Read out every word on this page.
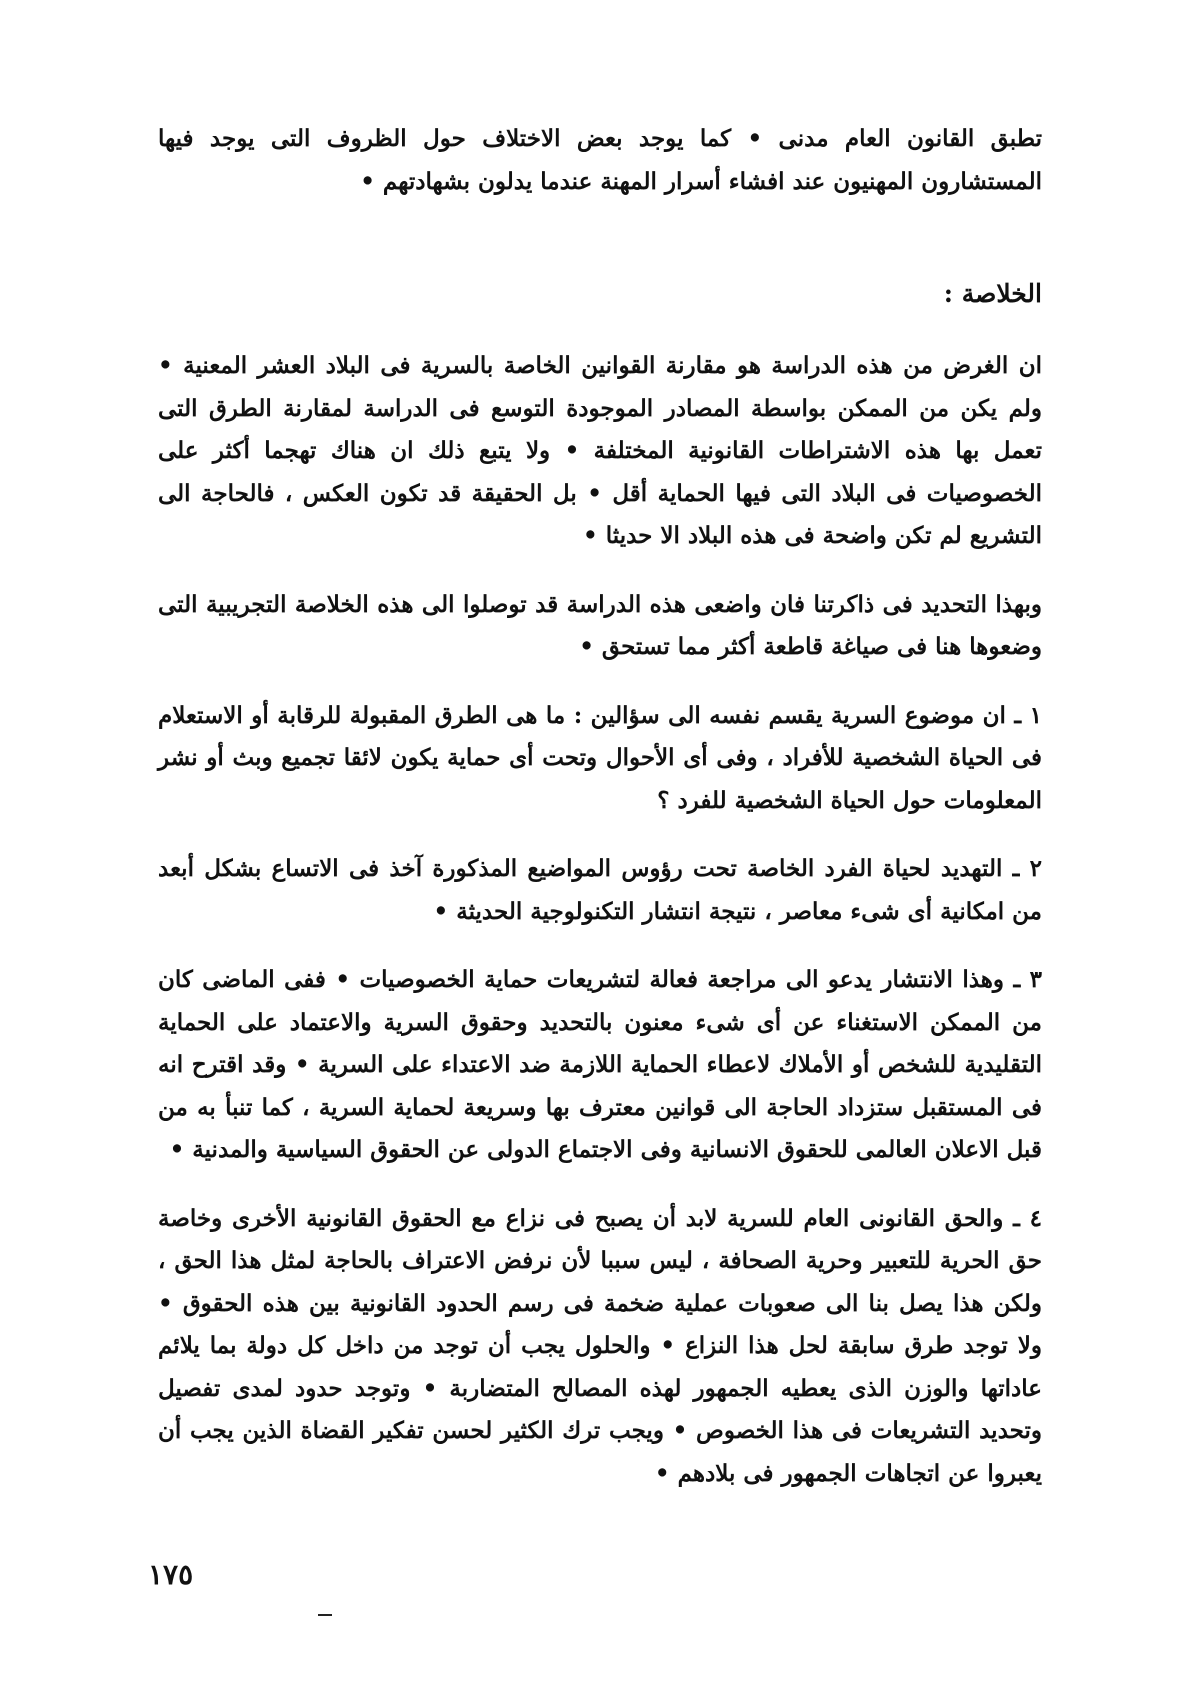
تطبق القانون العام مدنى • كما يوجد بعض الاختلاف حول الظروف التى يوجد فيها المستشارون المهنيون عند افشاء أسرار المهنة عندما يدلون بشهادتهم •

الخلاصة :

ان الغرض من هذه الدراسة هو مقارنة القوانين الخاصة بالسرية فى البلاد العشر المعنية • ولم يكن من الممكن بواسطة المصادر الموجودة التوسع فى الدراسة لمقارنة الطرق التى تعمل بها هذه الاشتراطات القانونية المختلفة • ولا يتبع ذلك ان هناك تهجما أكثر على الخصوصيات فى البلاد التى فيها الحماية أقل • بل الحقيقة قد تكون العكس ، فالحاجة الى التشريع لم تكن واضحة فى هذه البلاد الا حديثا •

وبهذا التحديد فى ذاكرتنا فان واضعى هذه الدراسة قد توصلوا الى هذه الخلاصة التجريبية التى وضعوها هنا فى صياغة قاطعة أكثر مما تستحق •

١ ـ ان موضوع السرية يقسم نفسه الى سؤالين : ما هى الطرق المقبولة للرقابة أو الاستعلام فى الحياة الشخصية للأفراد ، وفى أى الأحوال وتحت أى حماية يكون لائقا تجميع وبث أو نشر المعلومات حول الحياة الشخصية للفرد ؟

٢ ـ التهديد لحياة الفرد الخاصة تحت رؤوس المواضيع المذكورة آخذ فى الاتساع بشكل أبعد من امكانية أى شىء معاصر ، نتيجة انتشار التكنولوجية الحديثة •

٣ ـ وهذا الانتشار يدعو الى مراجعة فعالة لتشريعات حماية الخصوصيات • ففى الماضى كان من الممكن الاستغناء عن أى شىء معنون بالتحديد وحقوق السرية والاعتماد على الحماية التقليدية للشخص أو الأملاك لاعطاء الحماية اللازمة ضد الاعتداء على السرية • وقد اقترح انه فى المستقبل ستزداد الحاجة الى قوانين معترف بها وسريعة لحماية السرية ، كما تنبأ به من قبل الاعلان العالمى للحقوق الانسانية وفى الاجتماع الدولى عن الحقوق السياسية والمدنية •

٤ ـ والحق القانونى العام للسرية لابد أن يصبح فى نزاع مع الحقوق القانونية الأخرى وخاصة حق الحرية للتعبير وحرية الصحافة ، ليس سببا لأن نرفض الاعتراف بالحاجة لمثل هذا الحق ، ولكن هذا يصل بنا الى صعوبات عملية ضخمة فى رسم الحدود القانونية بين هذه الحقوق • ولا توجد طرق سابقة لحل هذا النزاع • والحلول يجب أن توجد من داخل كل دولة بما يلائم عاداتها والوزن الذى يعطيه الجمهور لهذه المصالح المتضاربة • وتوجد حدود لمدى تفصيل وتحديد التشريعات فى هذا الخصوص • ويجب ترك الكثير لحسن تفكير القضاة الذين يجب أن يعبروا عن اتجاهات الجمهور فى بلادهم •

١٧٥
